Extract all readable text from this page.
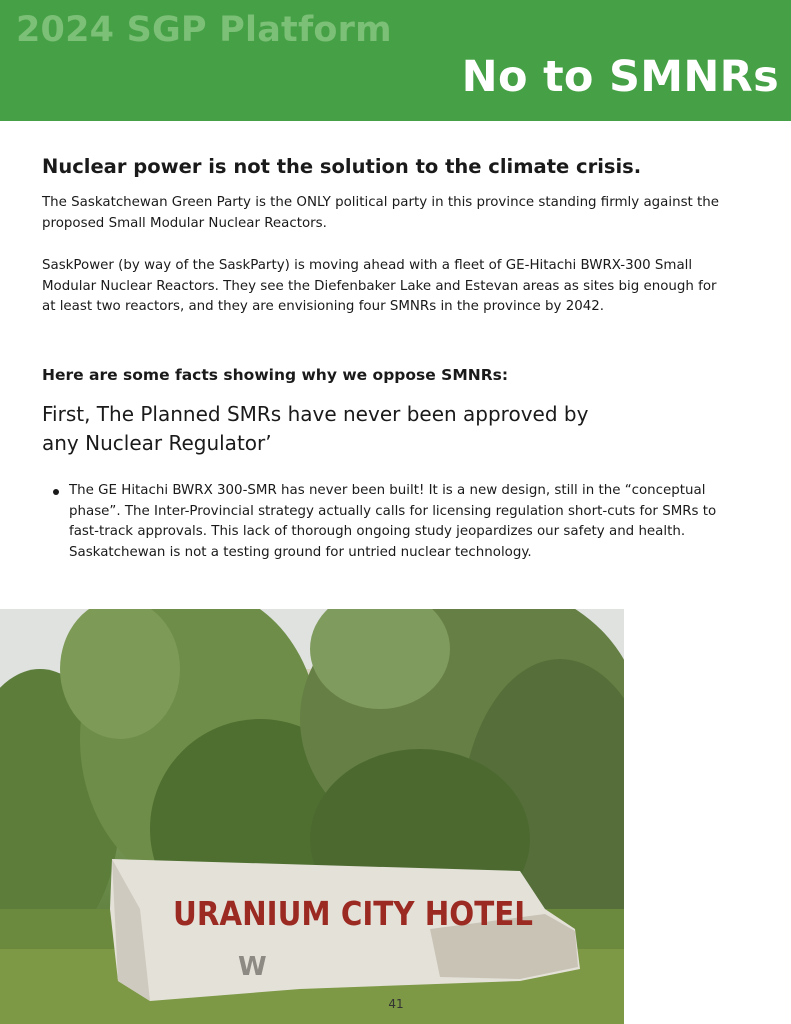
2024 SGP Platform
No to SMNRs
Nuclear power is not the solution to the climate crisis.

The Saskatchewan Green Party is the ONLY political party in this province standing firmly against the proposed Small Modular Nuclear Reactors.

SaskPower (by way of the SaskParty) is moving ahead with a fleet of GE-Hitachi BWRX-300 Small Modular Nuclear Reactors. They see the Diefenbaker Lake and Estevan areas as sites big enough for at least two reactors, and they are envisioning four SMNRs in the province by 2042.

Here are some facts showing why we oppose SMNRs:
First, The Planned SMRs have never been approved by any Nuclear Regulator’
The GE Hitachi BWRX 300-SMR has never been built! It is a new design, still in the “conceptual phase”. The Inter-Provincial strategy actually calls for licensing regulation short-cuts for SMRs to fast-track approvals. This lack of thorough ongoing study jeopardizes our safety and health. Saskatchewan is not a testing ground for untried nuclear technology.
URANIUM CITY HOTEL
W
41
